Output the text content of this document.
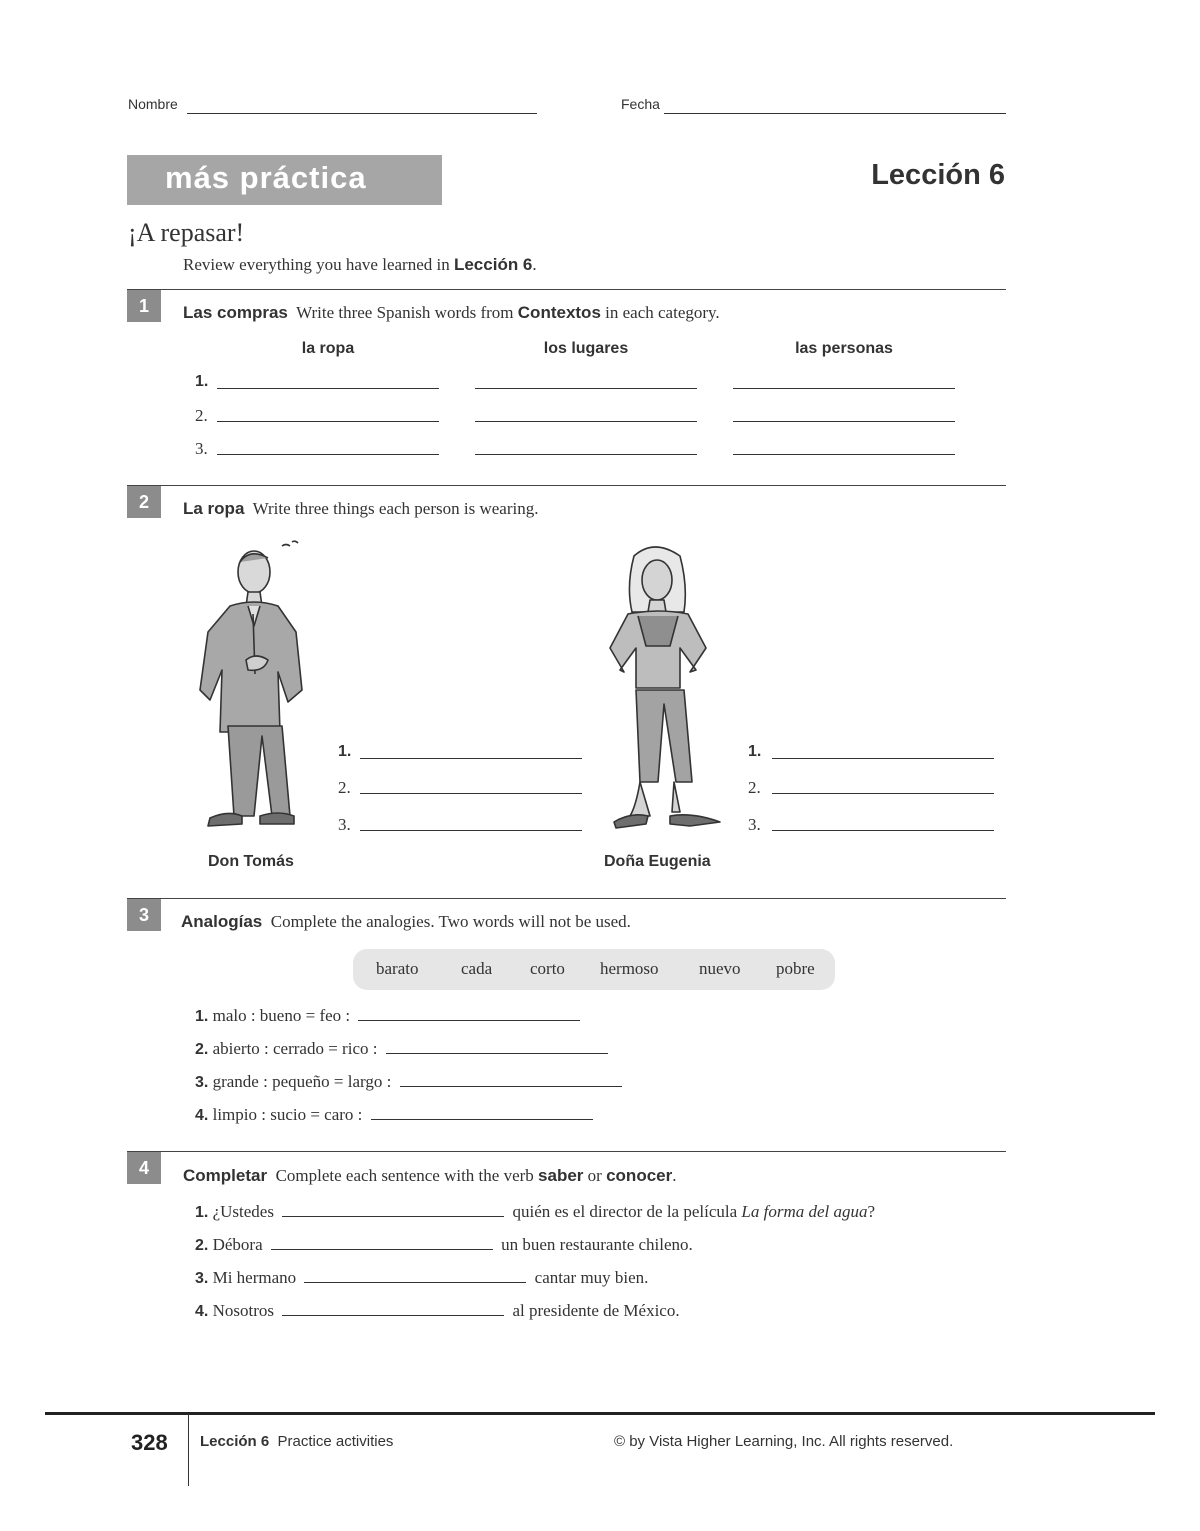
Nombre	Fecha
más práctica	Lección 6
¡A repasar!
Review everything you have learned in Lección 6.
1	Las compras Write three Spanish words from Contextos in each category.
la ropa	los lugares	las personas
1.
2.
3.
2	La ropa Write three things each person is wearing.
1.
2.
3.
1.
2.
3.
Don Tomás	Doña Eugenia
3	Analogías Complete the analogies. Two words will not be used.
barato	cada corto hermoso nuevo pobre
1. malo : bueno = feo :
2. abierto : cerrado = rico :
3. grande : pequeño = largo :
4. limpio : sucio = caro :
4	Completar Complete each sentence with the verb saber or conocer.
1. ¿Ustedes	quién es el director de la película La forma del agua?
2. Débora	un buen restaurante chileno.
3. Mi hermano	cantar muy bien.
4. Nosotros	al presidente de México.
328 Lección 6 Practice activities	© by Vista Higher Learning, Inc. All rights reserved.
